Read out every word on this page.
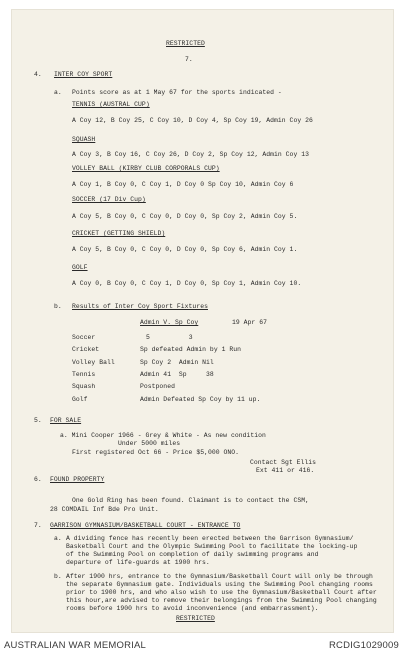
RESTRICTED
7.
4. INTER COY SPORT
a. Points score as at 1 May 67 for the sports indicated -
TENNIS (AUSTRAL CUP)
A Coy 12, B Coy 25, C Coy 10, D Coy 4, Sp Coy 19, Admin Coy 26
SQUASH
A Coy 3, B Coy 16, C Coy 26, D Coy 2, Sp Coy 12, Admin Coy 13
VOLLEY BALL (KIRBY CLUB CORPORALS CUP)
A Coy 1, B Coy 0, C Coy 1, D Coy 0 Sp Coy 10, Admin Coy 6
SOCCER (17 Div Cup)
A Coy 5, B Coy 0, C Coy 0, D Coy 0, Sp Coy 2, Admin Coy 5.
CRICKET (GETTING SHIELD)
A Coy 5, B Coy 0, C Coy 0, D Coy 0, Sp Coy 6, Admin Coy 1.
GOLF
A Coy 0, B Coy 0, C Coy 1, D Coy 0, Sp Coy 1, Admin Coy 10.
b. Results of Inter Coy Sport Fixtures
Admin V. Sp Coy	19 Apr 67
Soccer	5          3
Cricket	Sp defeated Admin by 1 Run
Volley Ball	Sp Coy 2  Admin Nil
Tennis	Admin 41  Sp     38
Squash	Postponed
Golf	Admin Defeated Sp Coy by 11 up.
5. FOR SALE
a. Mini Cooper 1966 - Grey & White - As new condition
Under 5000 miles
First registered Oct 66 - Price $5,000 ONO.
Contact Sgt Ellis
Ext 411 or 416.
6. FOUND PROPERTY
One Gold Ring has been found. Claimant is to contact the CSM,
28 COMDAIL Inf Bde Pro Unit.
7. GARRISON GYMNASIUM/BASKETBALL COURT - ENTRANCE TO
a. A dividing fence has recently been erected between the Garrison Gymnasium/
Basketball Court and the Olympic Swimming Pool to facilitate the locking-up
of the Swimming Pool on completion of daily swimming programs and
departure of life-guards at 1900 hrs.
b. After 1900 hrs, entrance to the Gymnasium/Basketball Court will only be through
the separate Gymnasium gate. Individuals using the Swimming Pool changing rooms
prior to 1900 hrs, and who also wish to use the Gymnasium/Basketball Court after
this hour,are advised to remove their belongings from the Swimming Pool changing
rooms before 1900 hrs to avoid inconvenience (and embarrassment).
RESTRICTED
AUSTRALIAN WAR MEMORIAL	RCDIG1029009
